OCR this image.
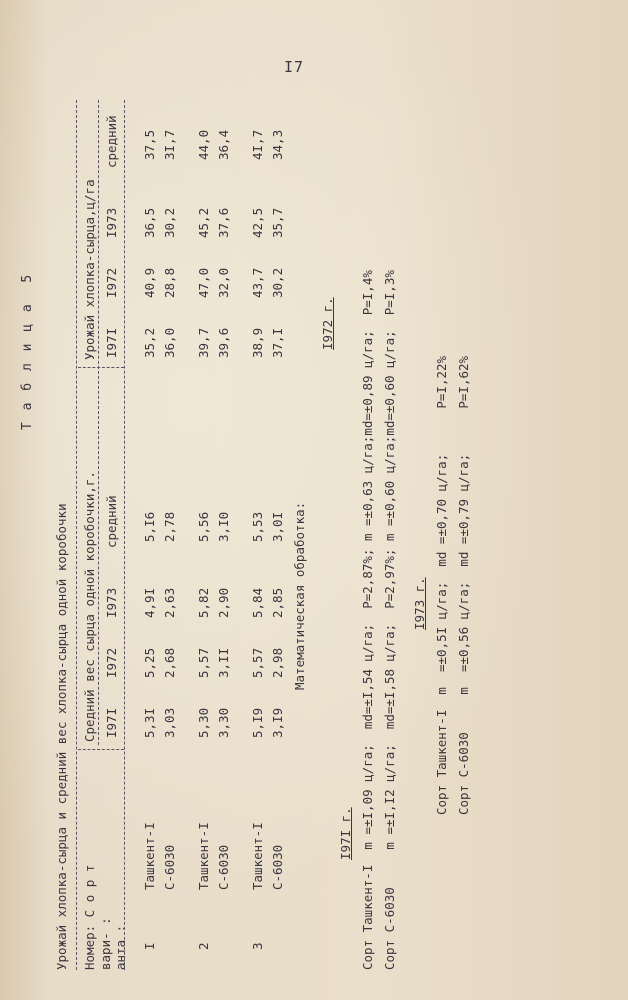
I7
Т а б л и ц а  5
Урожай хлопка-сырца и средний вес хлопка-сырца одной коробочки Номер: С о р т
вари- :
анта :
Средний вес сырца одной коробочки,г.
Урожай хлопка-сырца,ц/га
I97I
I972
I973
средний
I97I
I972
I973
средний
I
Ташкент-I
5,3I
5,25
4,9I
5,I6
35,2
40,9
36,5
37,5
С-6030
3,03
2,68
2,63
2,78
36,0
28,8
30,2
3I,7
2
Ташкент-I
5,30
5,57
5,82
5,56
39,7
47,0
45,2
44,0
С-6030
3,30
3,II
2,90
3,I0
39,6
32,0
37,6
36,4
3
Ташкент-I
5,I9
5,57
5,84
5,53
38,9
43,7
42,5
4I,7
С-6030
3,I9
2,98
2,85
3,0I
37,I
30,2
35,7
34,3
Математическая обработка:
I972 г.
I97I г. Сорт Ташкент-I  m =±I,09 ц/га;  md=±I,54 ц/га;  P=2,87%; m =±0,63 ц/га;md=±0,89 ц/га;  P=I,4% Сорт С-6030     m =±I,I2 ц/га;  md=±I,58 ц/га;  P=2,97%; m =±0,60 ц/га;md=±0,60 ц/га;  P=I,3% I973 г. Сорт Ташкент-I  m  =±0,5I ц/га;  md =±0,70 ц/га;      P=I,22% Сорт С-6030     m  =±0,56 ц/га;  md =±0,79 ц/га;      P=I,62%
